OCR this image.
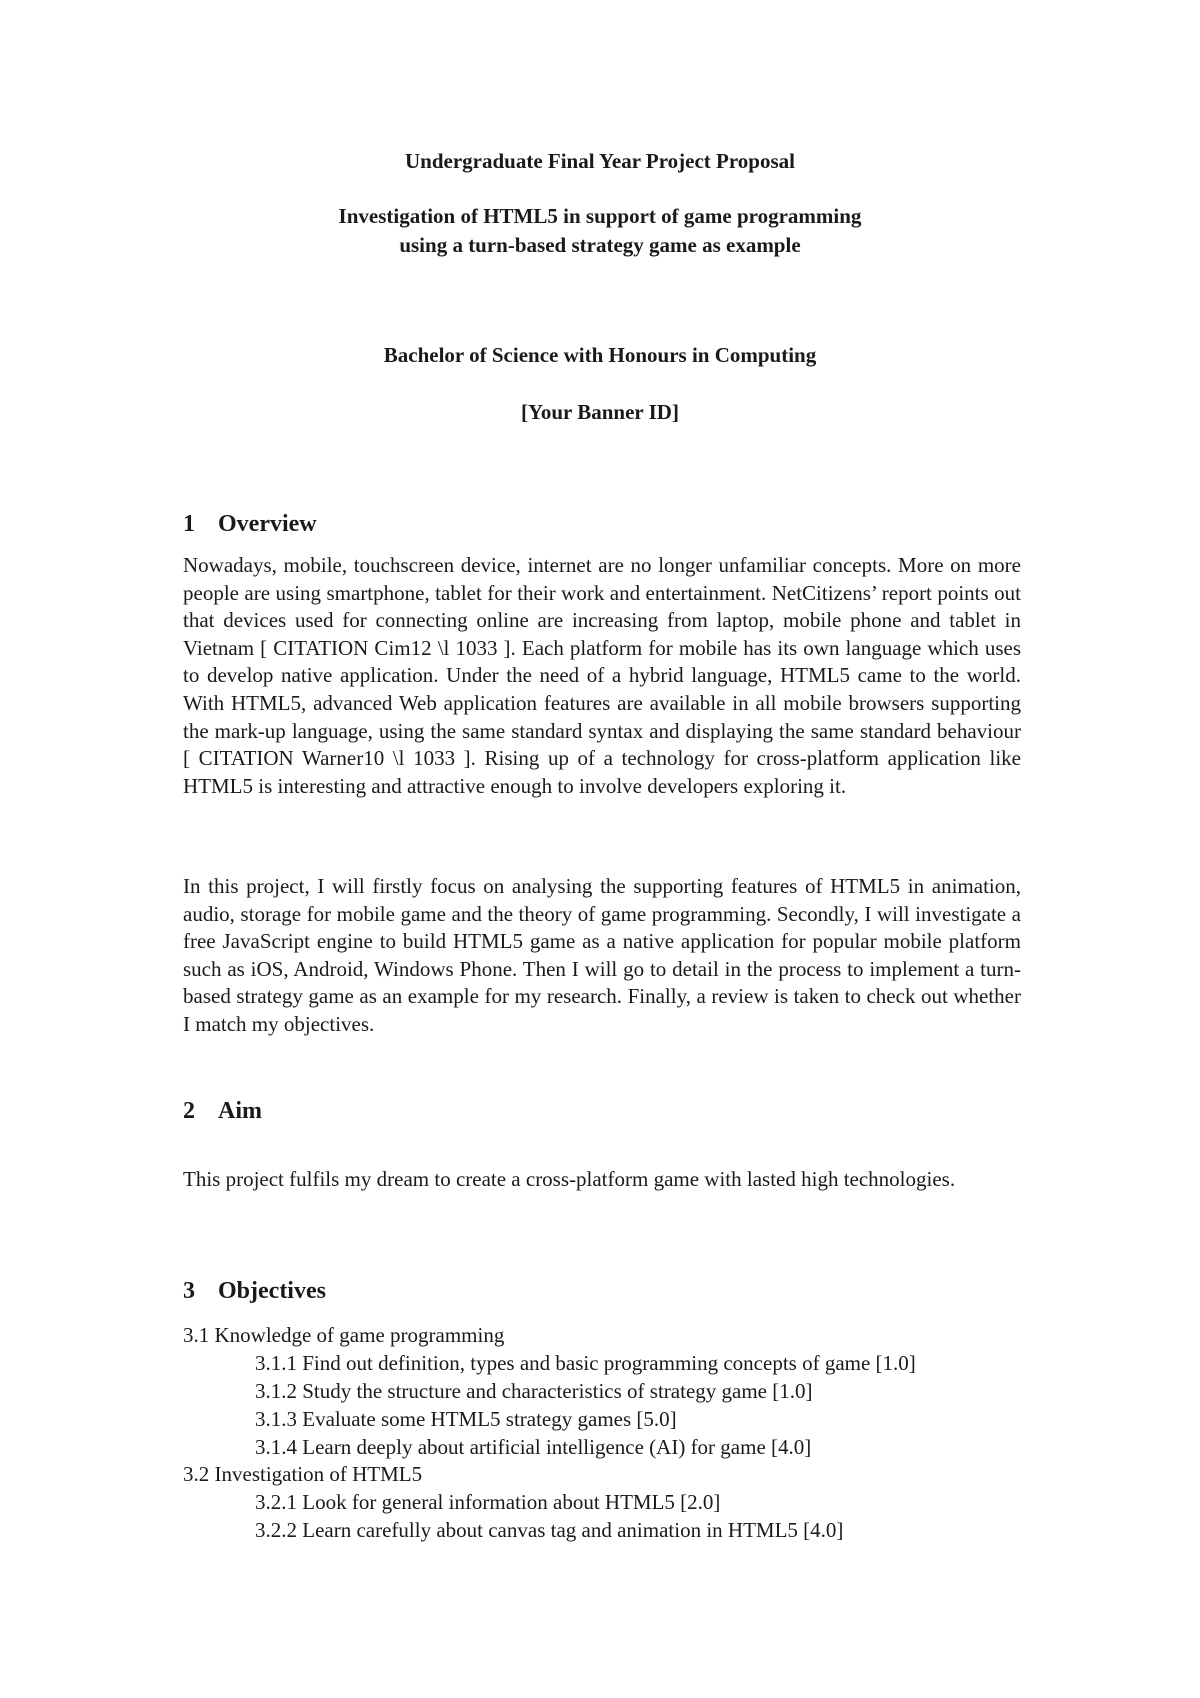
Undergraduate Final Year Project Proposal
Investigation of HTML5 in support of game programming
using a turn-based strategy game as example
Bachelor of Science with Honours in Computing
[Your Banner ID]
1 Overview

Nowadays, mobile, touchscreen device, internet are no longer unfamiliar concepts. More on more people are using smartphone, tablet for their work and entertainment. NetCitizens’ report points out that devices used for connecting online are increasing from laptop, mobile phone and tablet in Vietnam [ CITATION Cim12 \l 1033 ]. Each platform for mobile has its own language which uses to develop native application. Under the need of a hybrid language, HTML5 came to the world. With HTML5, advanced Web application features are available in all mobile browsers supporting the mark-up language, using the same standard syntax and displaying the same standard behaviour [ CITATION Warner10 \l 1033 ]. Rising up of a technology for cross-platform application like HTML5 is interesting and attractive enough to involve developers exploring it.

In this project, I will firstly focus on analysing the supporting features of HTML5 in animation, audio, storage for mobile game and the theory of game programming. Secondly, I will investigate a free JavaScript engine to build HTML5 game as a native application for popular mobile platform such as iOS, Android, Windows Phone. Then I will go to detail in the process to implement a turn-based strategy game as an example for my research. Finally, a review is taken to check out whether I match my objectives.

2 Aim

This project fulfils my dream to create a cross-platform game with lasted high technologies.

3 Objectives
3.1 Knowledge of game programming
3.1.1 Find out definition, types and basic programming concepts of game [1.0]
3.1.2 Study the structure and characteristics of strategy game [1.0]
3.1.3 Evaluate some HTML5 strategy games [5.0]
3.1.4 Learn deeply about artificial intelligence (AI) for game [4.0]
3.2 Investigation of HTML5
3.2.1 Look for general information about HTML5 [2.0]
3.2.2 Learn carefully about canvas tag and animation in HTML5 [4.0]
